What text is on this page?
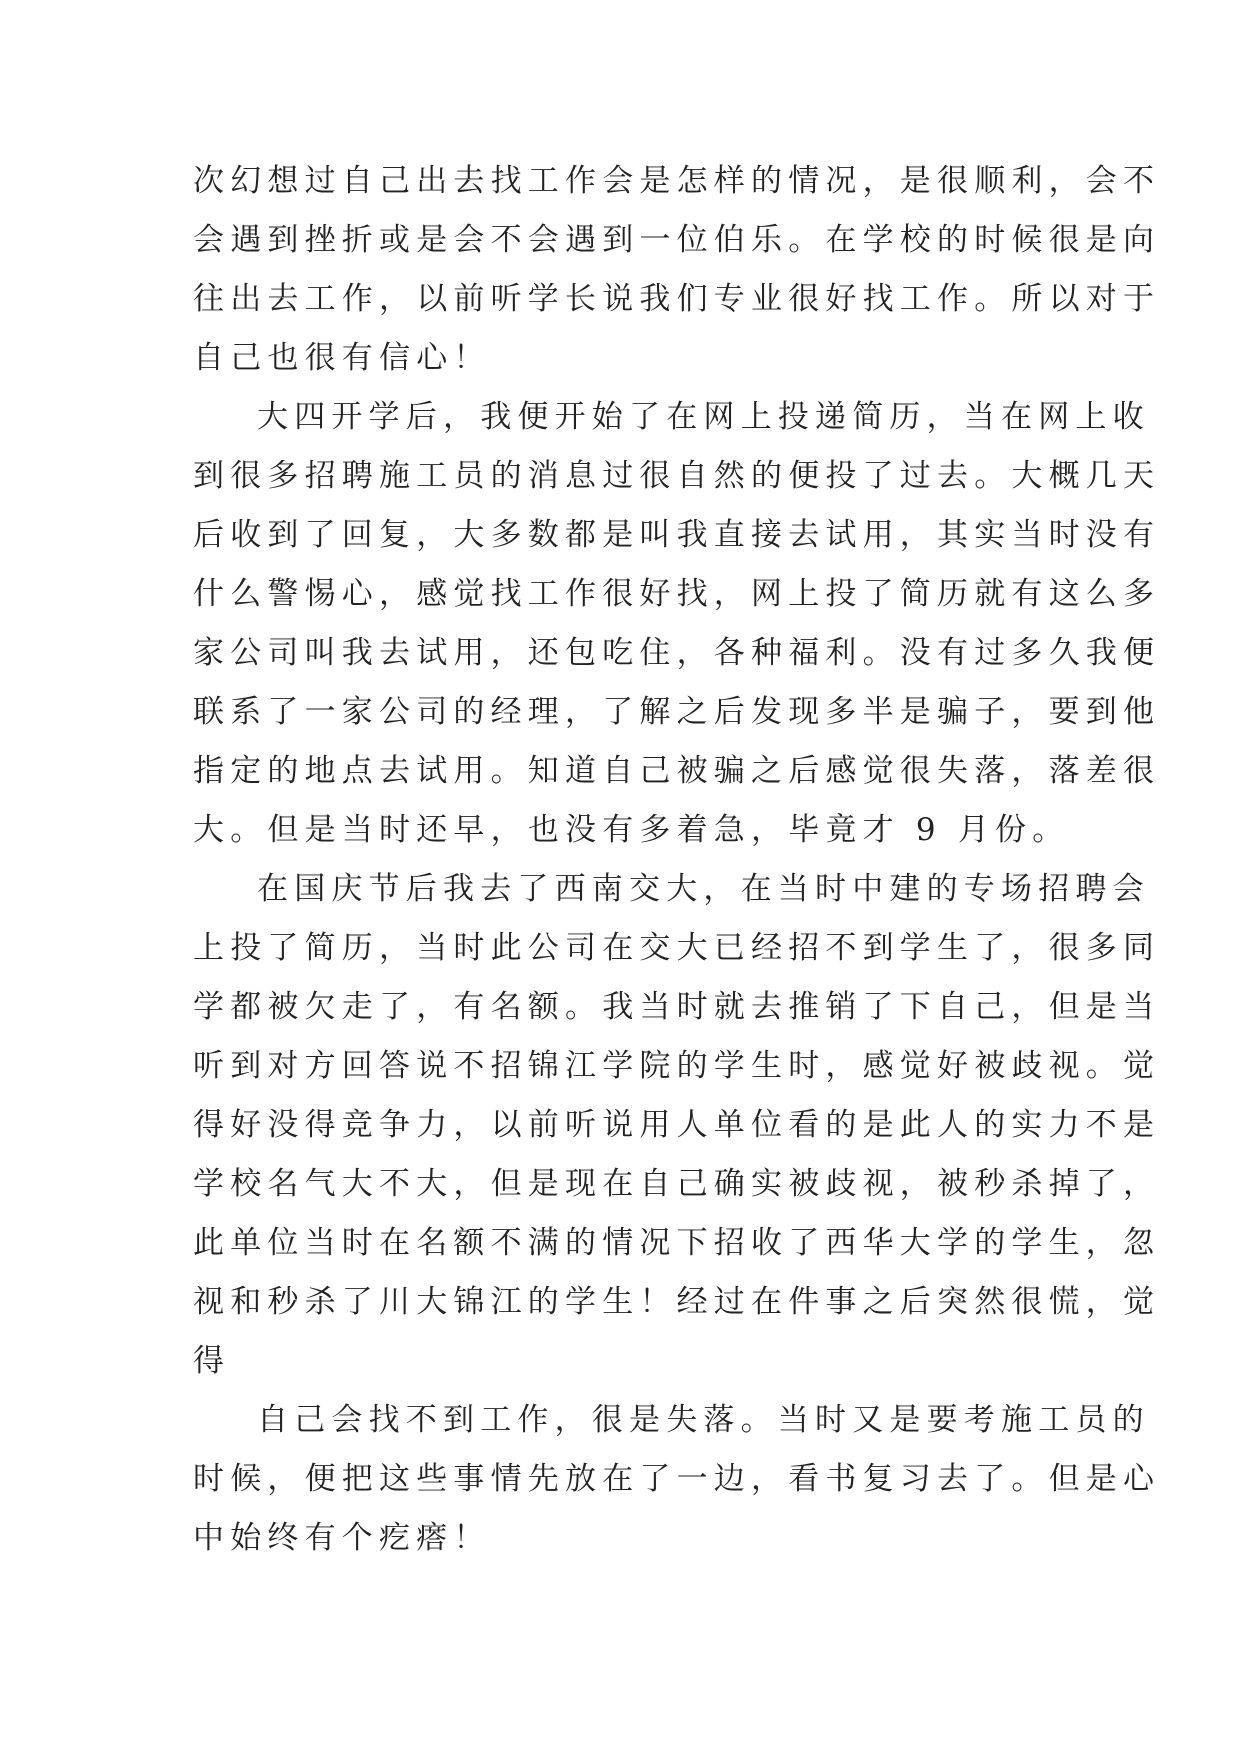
次幻想过自己出去找工作会是怎样的情况，是很顺利，会不
会遇到挫折或是会不会遇到一位伯乐。在学校的时候很是向
往出去工作，以前听学长说我们专业很好找工作。所以对于
自己也很有信心！
大四开学后，我便开始了在网上投递简历，当在网上收
到很多招聘施工员的消息过很自然的便投了过去。大概几天
后收到了回复，大多数都是叫我直接去试用，其实当时没有
什么警惕心，感觉找工作很好找，网上投了简历就有这么多
家公司叫我去试用，还包吃住，各种福利。没有过多久我便
联系了一家公司的经理，了解之后发现多半是骗子，要到他
指定的地点去试用。知道自己被骗之后感觉很失落，落差很
大。但是当时还早，也没有多着急，毕竟才 9 月份。
在国庆节后我去了西南交大，在当时中建的专场招聘会
上投了简历，当时此公司在交大已经招不到学生了，很多同
学都被欠走了，有名额。我当时就去推销了下自己，但是当
听到对方回答说不招锦江学院的学生时，感觉好被歧视。觉
得好没得竞争力，以前听说用人单位看的是此人的实力不是
学校名气大不大，但是现在自己确实被歧视，被秒杀掉了，
此单位当时在名额不满的情况下招收了西华大学的学生，忽
视和秒杀了川大锦江的学生！经过在件事之后突然很慌，觉
得
自己会找不到工作，很是失落。当时又是要考施工员的
时候，便把这些事情先放在了一边，看书复习去了。但是心
中始终有个疙瘩！
